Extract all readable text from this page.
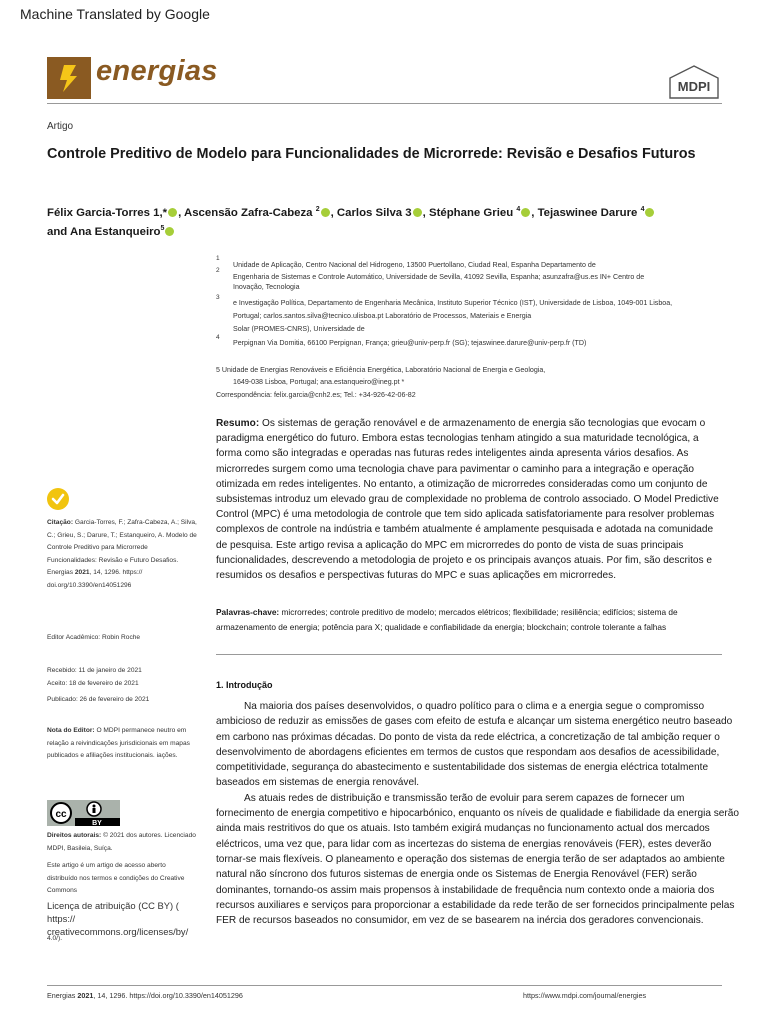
Machine Translated by Google
energias	MDPI
Artigo
Controle Preditivo de Modelo para Funcionalidades de Microrrede: Revisão e Desafios Futuros
Félix Garcia-Torres 1,* , Ascensão Zafra-Cabeza $^2$ , Carlos Silva 3 , Stéphane Grieu $^4$ , Tejaswinee Darure $^4$
and Ana Estanqueiro$^5$
1
Unidade de Aplicação, Centro Nacional del Hidrogeno, 13500 Puertollano, Ciudad Real, Espanha Departamento de
2
Engenharia de Sistemas e Controle Automático, Universidade de Sevilla, 41092 Sevilla, Espanha; asunzafra@us.es IN+ Centro de
Inovação, Tecnologia
3
e Investigação Política, Departamento de Engenharia Mecânica, Instituto Superior Técnico (IST), Universidade de Lisboa, 1049-001 Lisboa,
Portugal; carlos.santos.silva@tecnico.ulisboa.pt Laboratório de Processos, Materiais e Energia
Solar (PROMES-CNRS), Universidade de
4
Perpignan Via Domitia, 66100 Perpignan, França; grieu@univ-perp.fr (SG); tejaswinee.darure@univ-perp.fr (TD)
5 Unidade de Energias Renováveis e Eficiência Energética, Laboratório Nacional de Energia e Geologia,
1649-038 Lisboa, Portugal; ana.estanqueiro@ineg.pt *
Correspondência: felix.garcia@cnh2.es; Tel.: +34-926-42-06-82
Resumo: Os sistemas de geração renovável e de armazenamento de energia são tecnologias que evocam o paradigma energético do futuro. Embora estas tecnologias tenham atingido a sua maturidade tecnológica, a forma como são integradas e operadas nas futuras redes inteligentes ainda apresenta vários desafios. As microrredes surgem como uma tecnologia chave para pavimentar o caminho para a integração e operação otimizada em redes inteligentes. No entanto, a otimização de microrredes consideradas como um conjunto de subsistemas introduz um elevado grau de complexidade no problema de controlo associado. O Model Predictive Control (MPC) é uma metodologia de controle que tem sido aplicada satisfatoriamente para resolver problemas complexos de controle na indústria e também atualmente é amplamente pesquisada e adotada na comunidade de pesquisa. Este artigo revisa a aplicação do MPC em microrredes do ponto de vista de suas principais funcionalidades, descrevendo a metodologia de projeto e os principais avanços atuais. Por fim, são descritos e resumidos os desafios e perspectivas futuras do MPC e suas aplicações em microrredes.
Palavras-chave: microrredes; controle preditivo de modelo; mercados elétricos; flexibilidade; resiliência; edifícios; sistema de armazenamento de energia; potência para X; qualidade e confiabilidade da energia; blockchain; controle tolerante a falhas
1. Introdução

Na maioria dos países desenvolvidos, o quadro político para o clima e a energia segue o compromisso ambicioso de reduzir as emissões de gases com efeito de estufa e alcançar um sistema energético neutro baseado em carbono nas próximas décadas. Do ponto de vista da rede eléctrica, a concretização de tal ambição requer o desenvolvimento de abordagens eficientes em termos de custos que respondam aos desafios de acessibilidade, competitividade, segurança do abastecimento e sustentabilidade dos sistemas de energia eléctrica totalmente baseados em sistemas de energia renovável.

As atuais redes de distribuição e transmissão terão de evoluir para serem capazes de fornecer um fornecimento de energia competitivo e hipocarbónico, enquanto os níveis de qualidade e fiabilidade da energia serão ainda mais restritivos do que os atuais. Isto também exigirá mudanças no funcionamento actual dos mercados eléctricos, uma vez que, para lidar com as incertezas do sistema de energias renováveis (FER), estes deverão tornar-se mais flexíveis. O planeamento e operação dos sistemas de energia terão de ser adaptados ao ambiente natural não síncrono dos futuros sistemas de energia onde os Sistemas de Energia Renovável (FER) serão dominantes, tornando-os assim mais propensos à instabilidade de frequência num contexto onde a maioria dos recursos auxiliares e serviços para proporcionar a estabilidade da rede terão de ser fornecidos principalmente pelas FER de recursos baseados no consumidor, em vez de se basearem na inércia dos geradores convencionais.

Citação: Garcia-Torres, F.; Zafra-Cabeza, A.; Silva, C.; Grieu, S.; Darure, T.; Estanqueiro, A. Modelo de Controle Preditivo para Microrrede Funcionalidades: Revisão e Futuro Desafios. Energias 2021, 14, 1296. https:// doi.org/10.3390/en14051296
Editor Acadêmico: Robin Roche
Recebido: 11 de janeiro de 2021
Aceito: 18 de fevereiro de 2021
Publicado: 26 de fevereiro de 2021
Nota do Editor: O MDPI permanece neutro em relação a reivindicações jurisdicionais em mapas publicados e afiliações institucionais. iações.
cc
BY
Direitos autorais: © 2021 dos autores. Licenciado MDPI, Basileia, Suíça.
Este artigo é um artigo de acesso aberto distribuído nos termos e condições do Creative Commons
Licença de atribuição (CC BY) ( https:// creativecommons.org/licenses/by/
4.0/).
Energias 2021, 14, 1296. https://doi.org/10.3390/en14051296	https://www.mdpi.com/journal/energies
